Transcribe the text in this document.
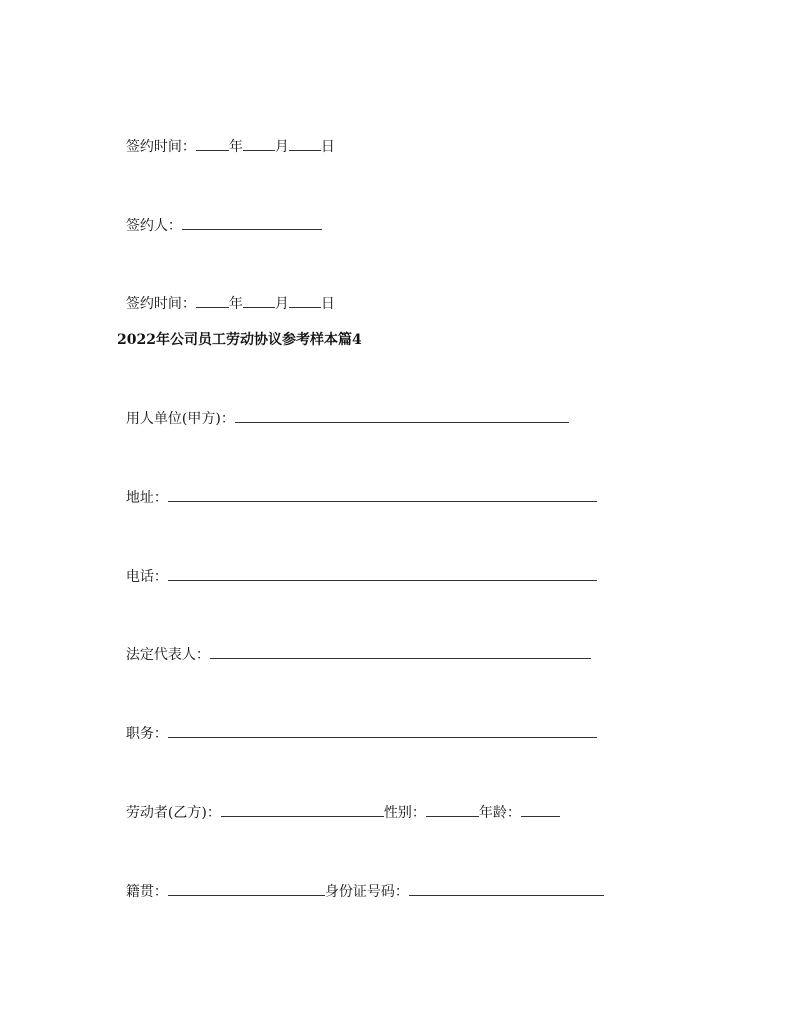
签约时间： 年 月 日

签约人：

签约时间： 年 月 日

2022年公司员工劳动协议参考样本篇4

用人单位(甲方)：

地址：

电话：

法定代表人：

职务：

劳动者(乙方)：	性别：	年龄：

籍贯：	身份证号码：
